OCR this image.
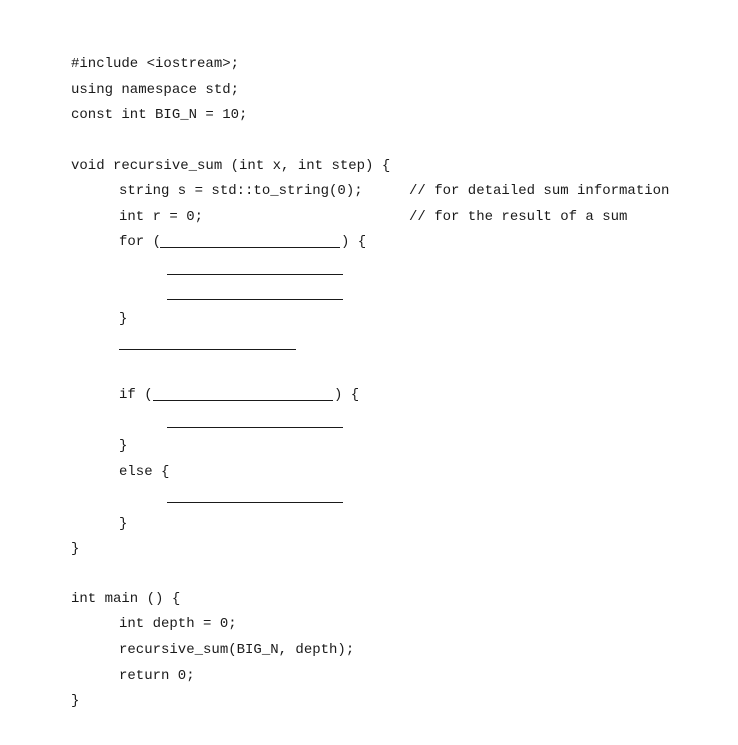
#include <iostream>;
using namespace std;
const int BIG_N = 10;
void recursive_sum (int x, int step) {
string s = std::to_string(0);	// for detailed sum information
int r = 0;	// for the result of a sum
for (	) {
}
if (	) {
}
else {
}
}
int main () {
int depth = 0;
recursive_sum(BIG_N, depth);
return 0;
}
